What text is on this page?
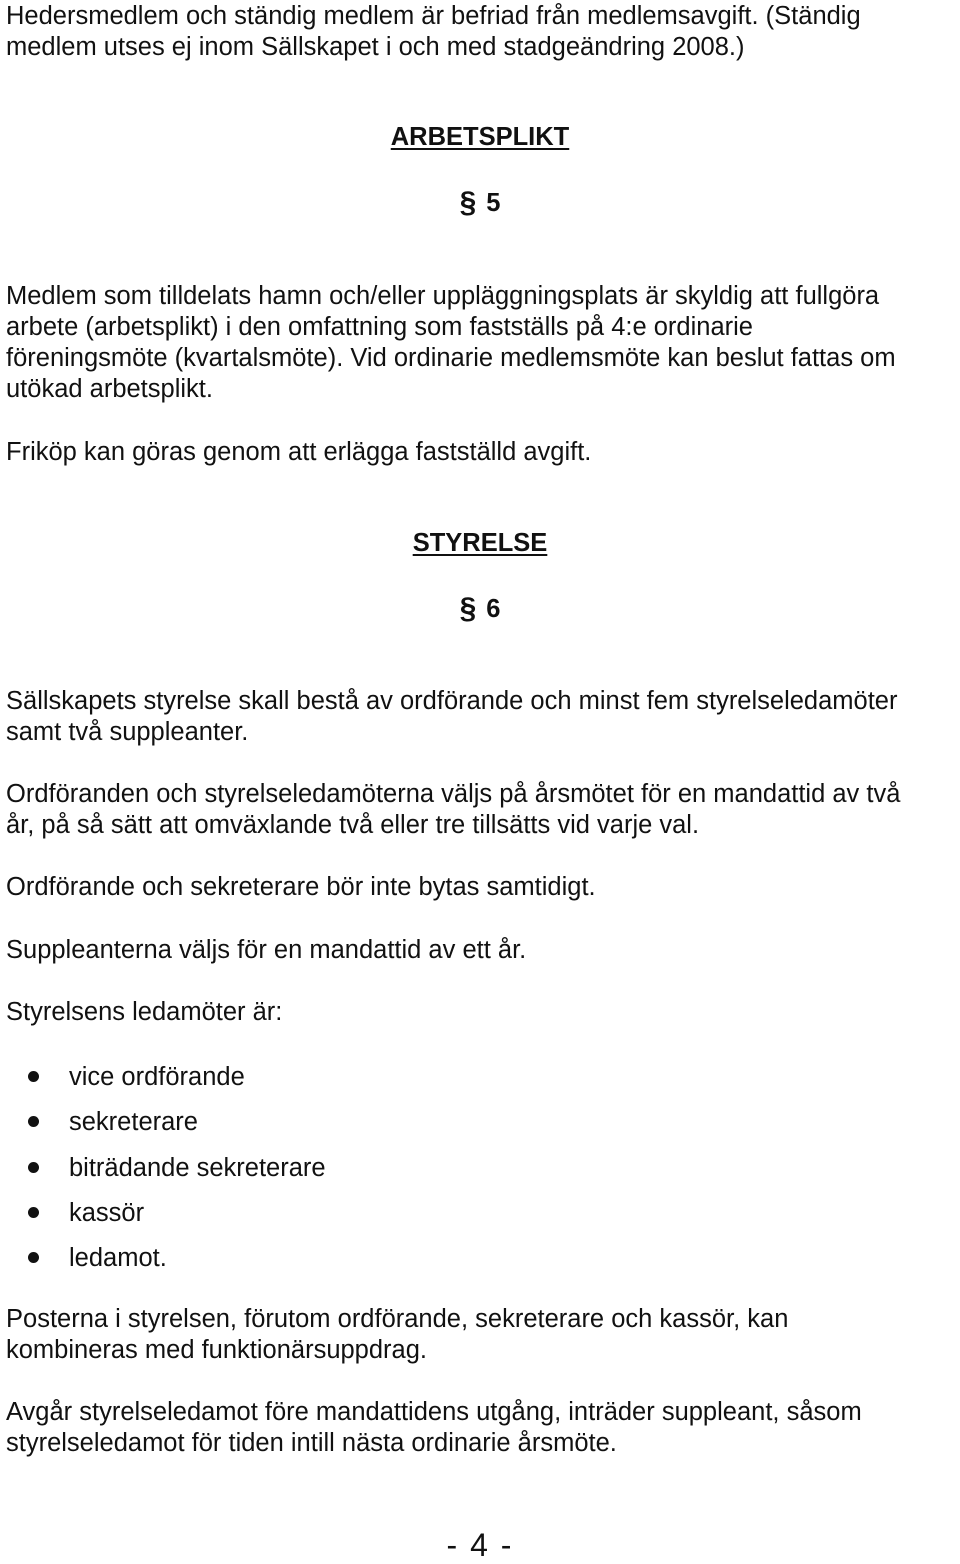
Hedersmedlem och ständig medlem är befriad från medlemsavgift. (Ständig
medlem utses ej inom Sällskapet i och med stadgeändring 2008.)

ARBETSPLIKT
§ 5

Medlem som tilldelats hamn och/eller uppläggningsplats är skyldig att fullgöra
arbete (arbetsplikt) i den omfattning som fastställs på 4:e ordinarie
föreningsmöte (kvartalsmöte). Vid ordinarie medlemsmöte kan beslut fattas om
utökad arbetsplikt.

Friköp kan göras genom att erlägga fastställd avgift.

STYRELSE
§ 6

Sällskapets styrelse skall bestå av ordförande och minst fem styrelseledamöter
samt två suppleanter.

Ordföranden och styrelseledamöterna väljs på årsmötet för en mandattid av två
år, på så sätt att omväxlande två eller tre tillsätts vid varje val.

Ordförande och sekreterare bör inte bytas samtidigt.

Suppleanterna väljs för en mandattid av ett år.

Styrelsens ledamöter är:

vice ordförande
sekreterare
biträdande sekreterare
kassör
ledamot.

Posterna i styrelsen, förutom ordförande, sekreterare och kassör, kan
kombineras med funktionärsuppdrag.

Avgår styrelseledamot före mandattidens utgång, inträder suppleant, såsom
styrelseledamot för tiden intill nästa ordinarie årsmöte.

- 4 -
